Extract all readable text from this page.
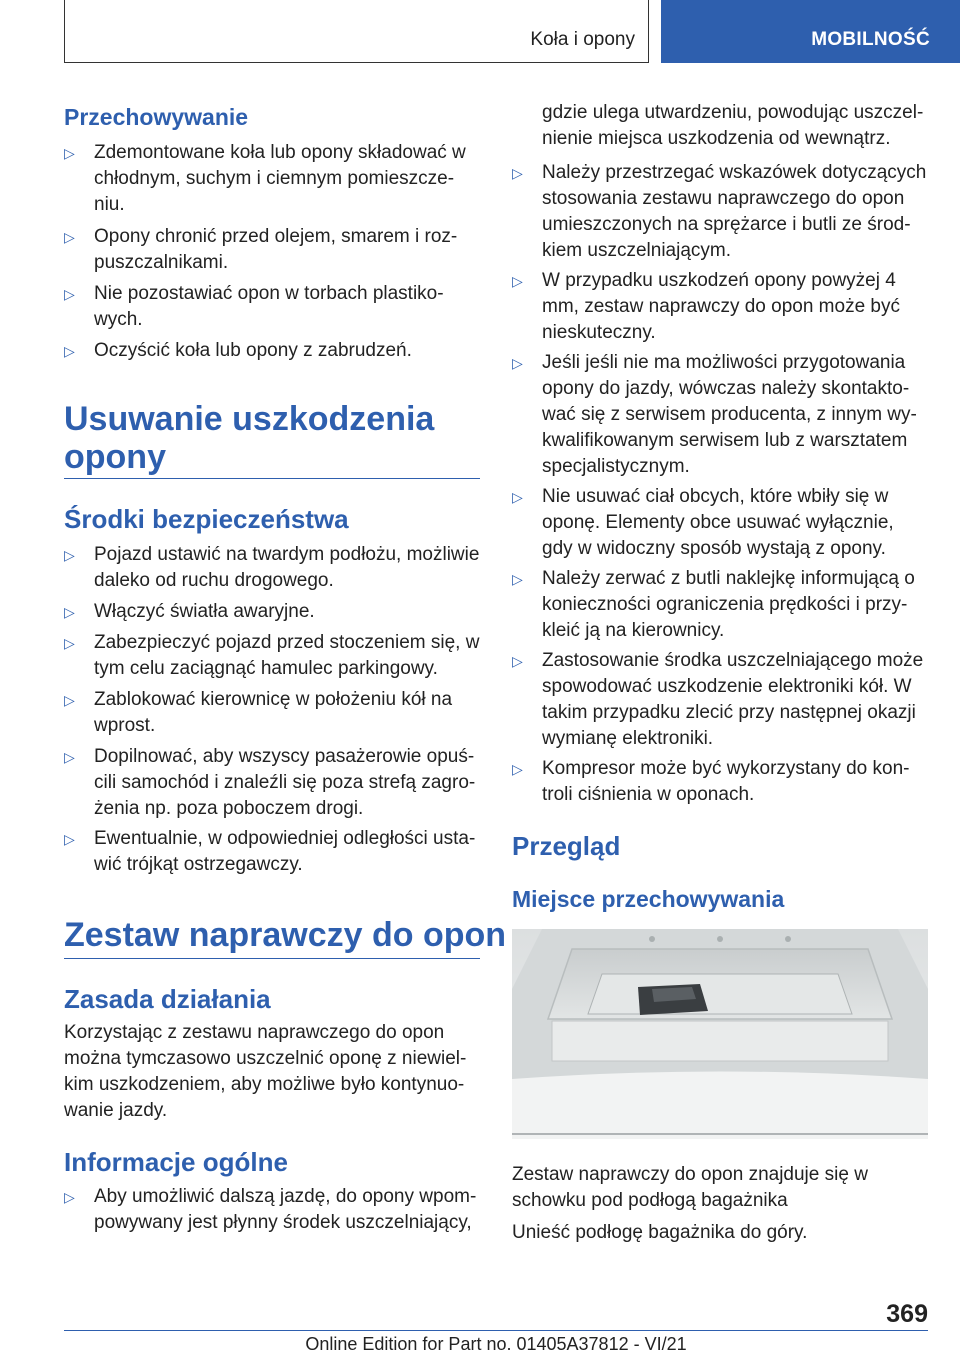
Koła i opony	MOBILNOŚĆ
Przechowywanie
▷ Zdemontowane koła lub opony składować w chłodnym, suchym i ciemnym pomieszcze-niu.
▷ Opony chronić przed olejem, smarem i roz-puszczalnikami.
▷ Nie pozostawiać opon w torbach plastiko-wych.
▷ Oczyścić koła lub opony z zabrudzeń.
Usuwanie uszkodzenia opony
Środki bezpieczeństwa
▷ Pojazd ustawić na twardym podłożu, możliwie daleko od ruchu drogowego.
▷ Włączyć światła awaryjne.
▷ Zabezpieczyć pojazd przed stoczeniem się, w tym celu zaciągnąć hamulec parkingowy.
▷ Zablokować kierownicę w położeniu kół na wprost.
▷ Dopilnować, aby wszyscy pasażerowie opuś-cili samochód i znaleźli się poza strefą zagro-żenia np. poza poboczem drogi.
▷ Ewentualnie, w odpowiedniej odległości usta-wić trójkąt ostrzegawczy.
Zestaw naprawczy do opon
Zasada działania
Korzystając z zestawu naprawczego do opon można tymczasowo uszczelnić oponę z niewiel-kim uszkodzeniem, aby możliwe było kontynuo-wanie jazdy.
Informacje ogólne
▷ Aby umożliwić dalszą jazdę, do opony wpom-powywany jest płynny środek uszczelniający,
gdzie ulega utwardzeniu, powodując uszczel-nienie miejsca uszkodzenia od wewnątrz.
▷ Należy przestrzegać wskazówek dotyczących stosowania zestawu naprawczego do opon umieszczonych na sprężarce i butli ze środ-kiem uszczelniającym.
▷ W przypadku uszkodzeń opony powyżej 4 mm, zestaw naprawczy do opon może być nieskuteczny.
▷ Jeśli jeśli nie ma możliwości przygotowania opony do jazdy, wówczas należy skontakto-wać się z serwisem producenta, z innym wy-kwalifikowanym serwisem lub z warsztatem specjalistycznym.
▷ Nie usuwać ciał obcych, które wbiły się w oponę. Elementy obce usuwać wyłącznie, gdy w widoczny sposób wystają z opony.
▷ Należy zerwać z butli naklejkę informującą o konieczności ograniczenia prędkości i przy-kleić ją na kierownicy.
▷ Zastosowanie środka uszczelniającego może spowodować uszkodzenie elektroniki kół. W takim przypadku zlecić przy następnej okazji wymianę elektroniki.
▷ Kompresor może być wykorzystany do kon-troli ciśnienia w oponach.
Przegląd
Miejsce przechowywania
Zestaw naprawczy do opon znajduje się w schowku pod podłogą bagażnika
Unieść podłogę bagażnika do góry.
369
Online Edition for Part no. 01405A37812 - VI/21
